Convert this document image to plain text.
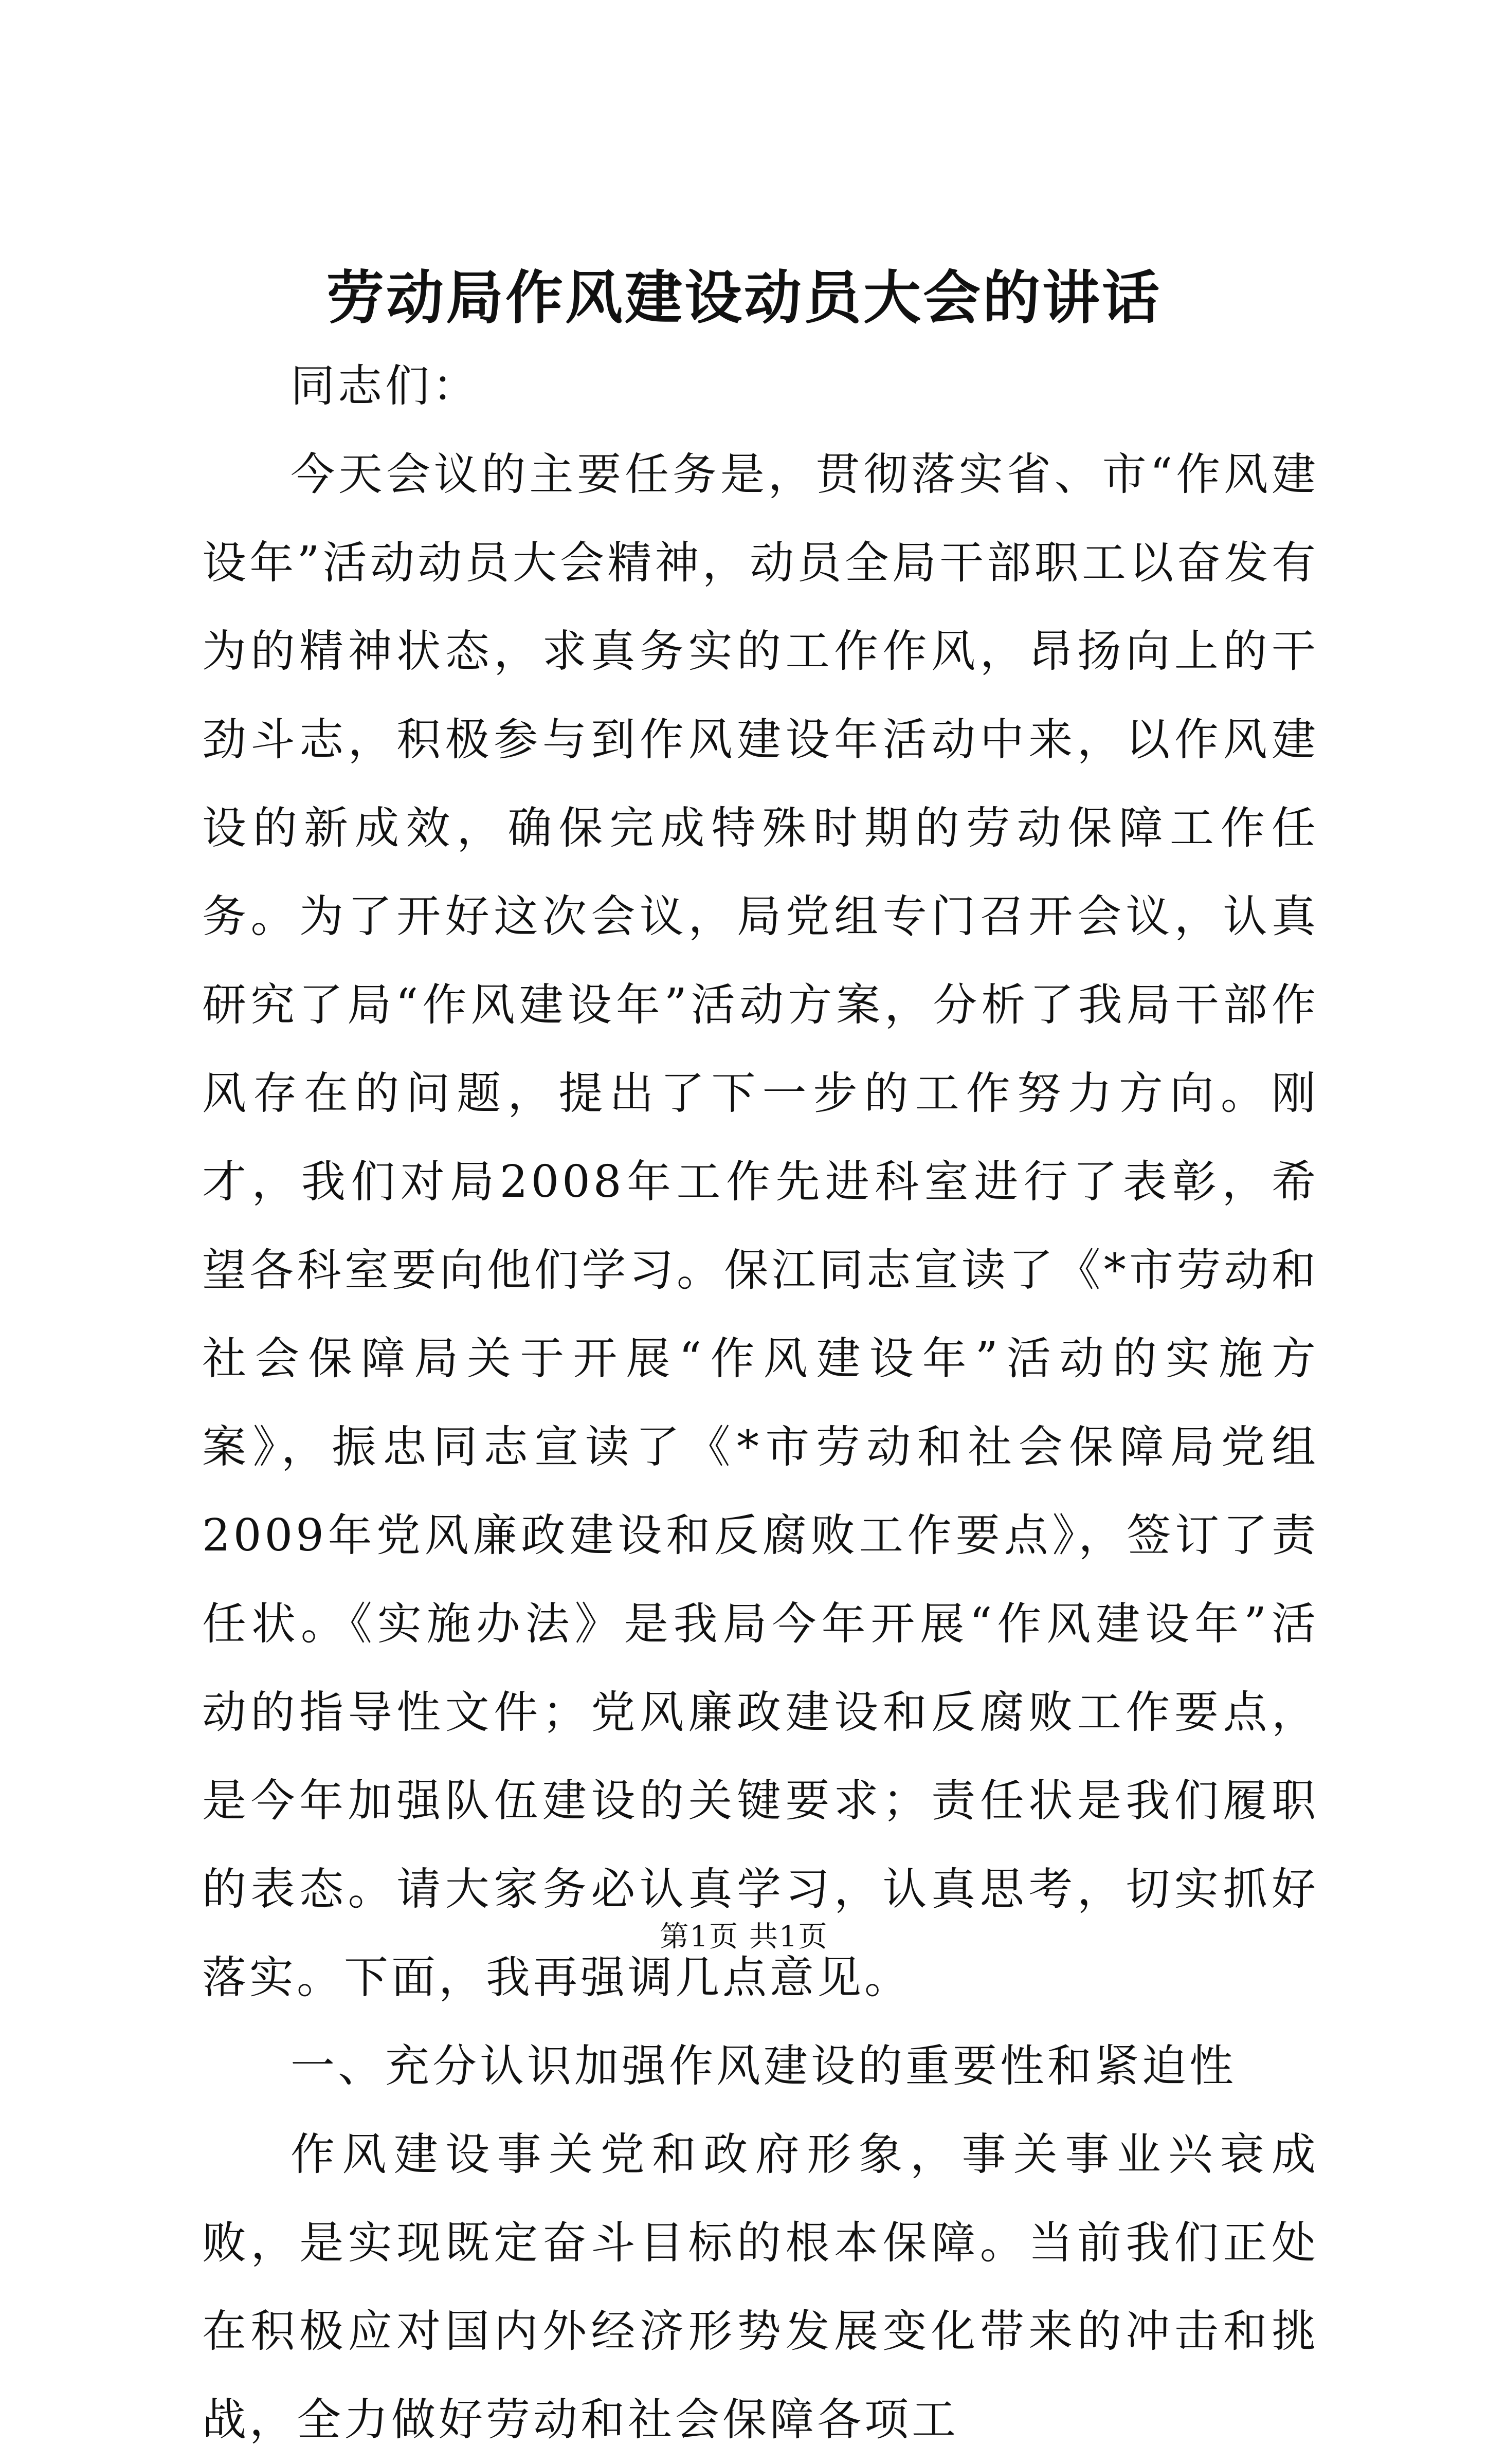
劳动局作风建设动员大会的讲话

同志们：

今天会议的主要任务是，贯彻落实省、市“作风建设年”活动动员大会精神，动员全局干部职工以奋发有为的精神状态，求真务实的工作作风，昂扬向上的干劲斗志，积极参与到作风建设年活动中来，以作风建设的新成效，确保完成特殊时期的劳动保障工作任务。为了开好这次会议，局党组专门召开会议，认真研究了局“作风建设年”活动方案，分析了我局干部作风存在的问题，提出了下一步的工作努力方向。刚才，我们对局2008年工作先进科室进行了表彰，希望各科室要向他们学习。保江同志宣读了《*市劳动和社会保障局关于开展“作风建设年”活动的实施方案》，振忠同志宣读了《*市劳动和社会保障局党组2009年党风廉政建设和反腐败工作要点》，签订了责任状。《实施办法》是我局今年开展“作风建设年”活动的指导性文件；党风廉政建设和反腐败工作要点，是今年加强队伍建设的关键要求；责任状是我们履职的表态。请大家务必认真学习，认真思考，切实抓好落实。下面，我再强调几点意见。

一、充分认识加强作风建设的重要性和紧迫性

作风建设事关党和政府形象，事关事业兴衰成败，是实现既定奋斗目标的根本保障。当前我们正处在积极应对国内外经济形势发展变化带来的冲击和挑战，全力做好劳动和社会保障各项工

第1页 共1页
